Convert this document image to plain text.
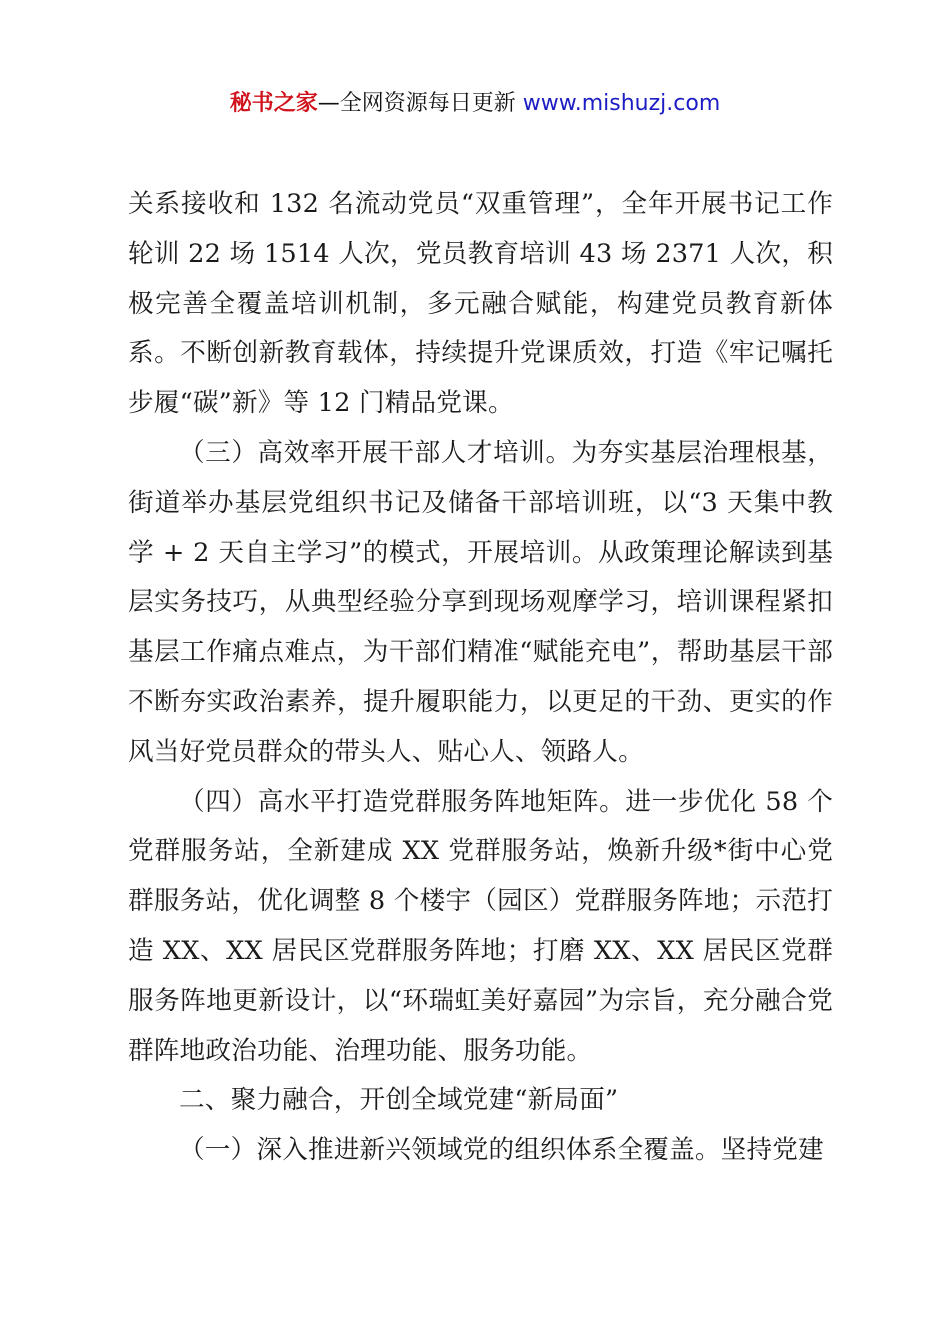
秘书之家—全网资源每日更新 www.mishuzj.com

关系接收和 132 名流动党员“双重管理”，全年开展书记工作轮训 22 场 1514 人次，党员教育培训 43 场 2371 人次，积极完善全覆盖培训机制，多元融合赋能，构建党员教育新体系。不断创新教育载体，持续提升党课质效，打造《牢记嘱托步履“碳”新》等 12 门精品党课。

（三）高效率开展干部人才培训。为夯实基层治理根基，街道举办基层党组织书记及储备干部培训班，以“3 天集中教学 + 2 天自主学习”的模式，开展培训。从政策理论解读到基层实务技巧，从典型经验分享到现场观摩学习，培训课程紧扣基层工作痛点难点，为干部们精准“赋能充电”，帮助基层干部不断夯实政治素养，提升履职能力，以更足的干劲、更实的作风当好党员群众的带头人、贴心人、领路人。

（四）高水平打造党群服务阵地矩阵。进一步优化 58 个党群服务站，全新建成 XX 党群服务站，焕新升级*街中心党群服务站，优化调整 8 个楼宇（园区）党群服务阵地；示范打造 XX、XX 居民区党群服务阵地；打磨 XX、XX 居民区党群服务阵地更新设计，以“环瑞虹美好嘉园”为宗旨，充分融合党群阵地政治功能、治理功能、服务功能。

二、聚力融合，开创全域党建“新局面”

（一）深入推进新兴领域党的组织体系全覆盖。坚持党建
